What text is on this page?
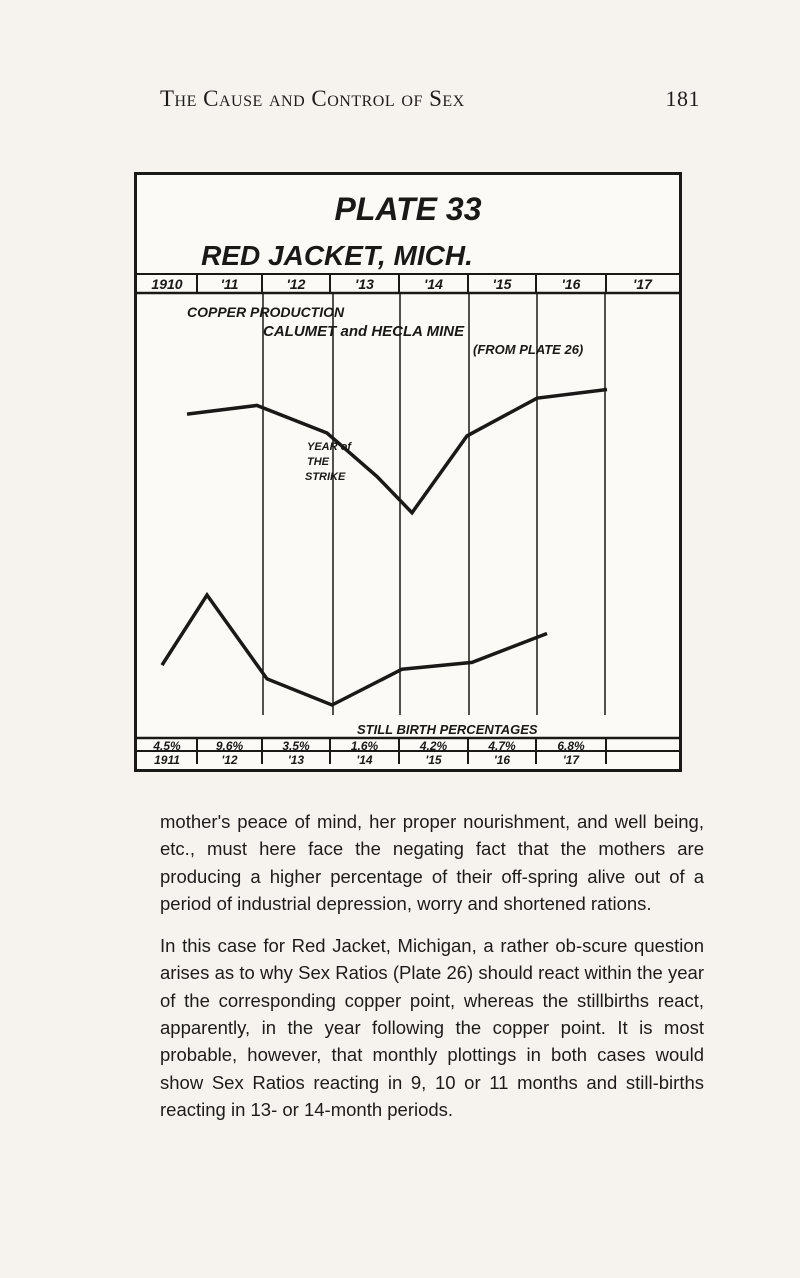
The Cause and Control of Sex	181
PLATE 33
RED JACKET, MICH.
1910	'11	'12	'13	'14	'15	'16	'17
COPPER PRODUCTION
CALUMET and HECLA MINE
(FROM PLATE 26)
YEAR of
THE
STRIKE
STILL BIRTH PERCENTAGES
4.5%	9.6%	3.5%	1.6%	4.2%	4.7%	6.8%
1911	'12	'13	'14	'15	'16	'17

mother's peace of mind, her proper nourishment, and well being, etc., must here face the negating fact that the mothers are producing a higher percentage of their off-spring alive out of a period of industrial depression, worry and shortened rations.

In this case for Red Jacket, Michigan, a rather ob-scure question arises as to why Sex Ratios (Plate 26) should react within the year of the corresponding copper point, whereas the stillbirths react, apparently, in the year following the copper point. It is most probable, however, that monthly plottings in both cases would show Sex Ratios reacting in 9, 10 or 11 months and still-births reacting in 13- or 14-month periods.
